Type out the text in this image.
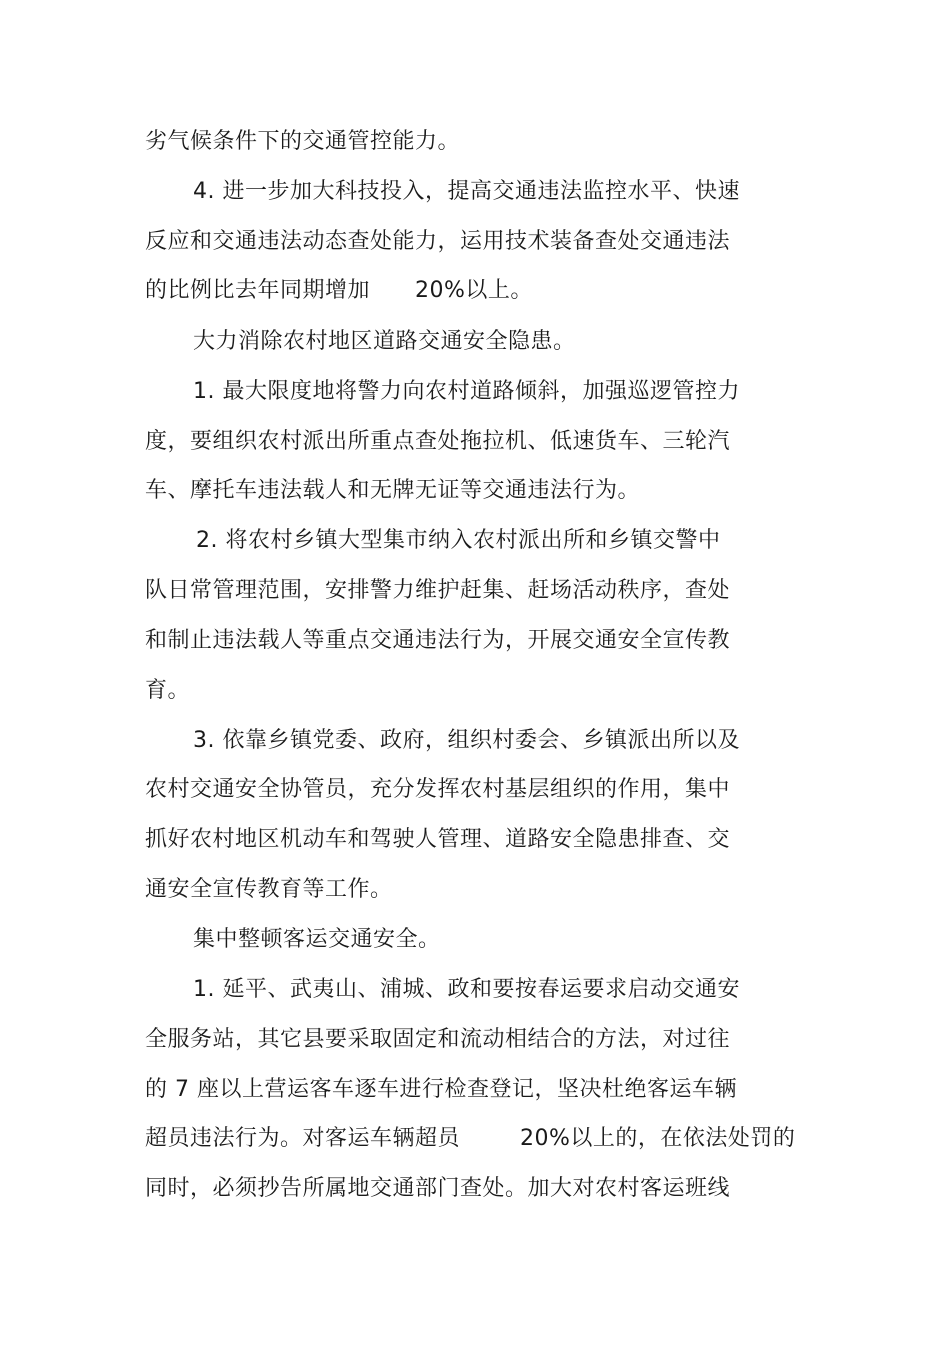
劣气候条件下的交通管控能力。
4. 进一步加大科技投入，提高交通违法监控水平、快速
反应和交通违法动态查处能力，运用技术装备查处交通违法
的比例比去年同期增加      20%以上。
大力消除农村地区道路交通安全隐患。
1. 最大限度地将警力向农村道路倾斜，加强巡逻管控力
度，要组织农村派出所重点查处拖拉机、低速货车、三轮汽
车、摩托车违法载人和无牌无证等交通违法行为。
2. 将农村乡镇大型集市纳入农村派出所和乡镇交警中
队日常管理范围，安排警力维护赶集、赶场活动秩序，查处
和制止违法载人等重点交通违法行为，开展交通安全宣传教
育。
3. 依靠乡镇党委、政府，组织村委会、乡镇派出所以及
农村交通安全协管员，充分发挥农村基层组织的作用，集中
抓好农村地区机动车和驾驶人管理、道路安全隐患排查、交
通安全宣传教育等工作。
集中整顿客运交通安全。
1. 延平、武夷山、浦城、政和要按春运要求启动交通安
全服务站，其它县要采取固定和流动相结合的方法，对过往
的 7 座以上营运客车逐车进行检查登记，坚决杜绝客运车辆
超员违法行为。对客运车辆超员        20%以上的，在依法处罚的
同时，必须抄告所属地交通部门查处。加大对农村客运班线
